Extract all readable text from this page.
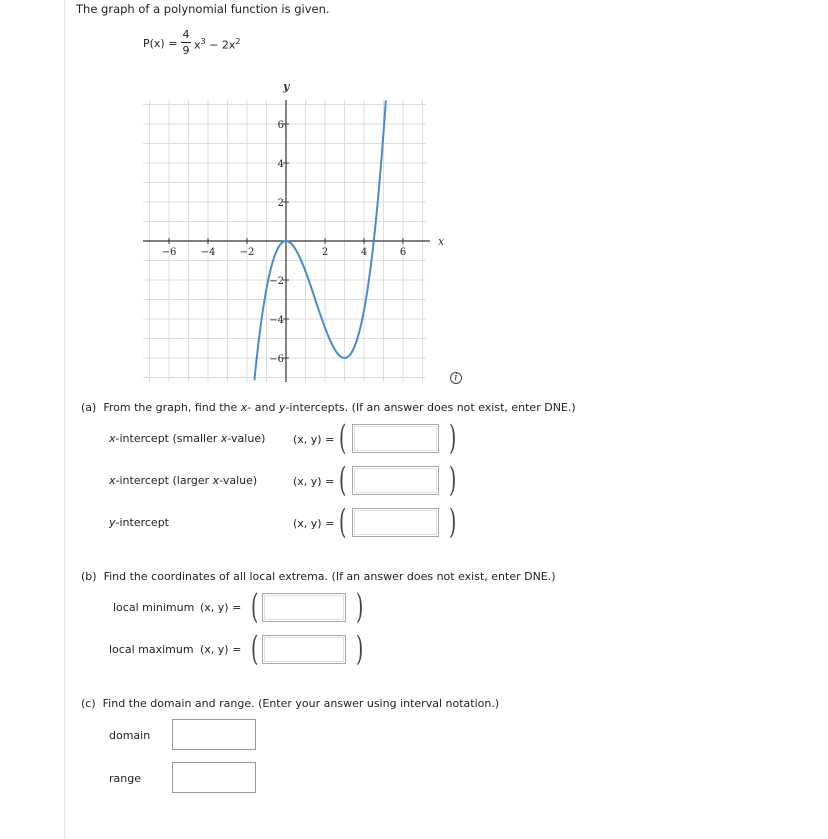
The graph of a polynomial function is given.
P(x) =
4
9 $x^3 - 2x^2$
−6 −4 −2	2	4	6
6
4
2
−2
−4
−6
x
y
i
(a) From the graph, find the x- and y-intercepts. (If an answer does not exist, enter DNE.)
x-intercept (smaller x-value)	(x, y) = (	)
x-intercept (larger x-value)	(x, y) = (	)
y-intercept	(x, y) = (	)
(b) Find the coordinates of all local extrema. (If an answer does not exist, enter DNE.)
local minimum (x, y) = (	)
local maximum (x, y) = (	)
(c) Find the domain and range. (Enter your answer using interval notation.)
domain
range
